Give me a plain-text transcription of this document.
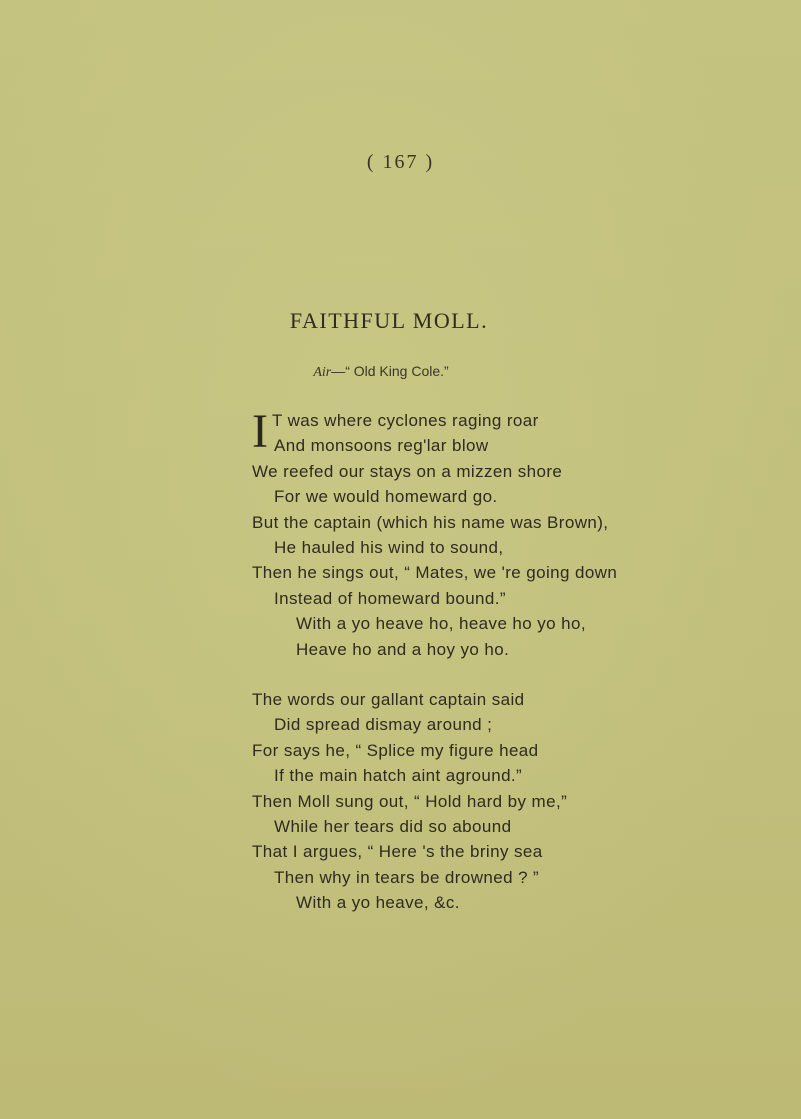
( 167 )
FAITHFUL MOLL.
Air—“ Old King Cole.”
I T was where cyclones raging roar
And monsoons reg'lar blow
We reefed our stays on a mizzen shore
For we would homeward go.
But the captain (which his name was Brown),
He hauled his wind to sound,
Then he sings out, “ Mates, we 're going down
Instead of homeward bound.”
With a yo heave ho, heave ho yo ho,
Heave ho and a hoy yo ho.
The words our gallant captain said
Did spread dismay around ;
For says he, “ Splice my figure head
If the main hatch aint aground.”
Then Moll sung out, “ Hold hard by me,”
While her tears did so abound
That I argues, “ Here 's the briny sea
Then why in tears be drowned ? ”
With a yo heave, &c.
